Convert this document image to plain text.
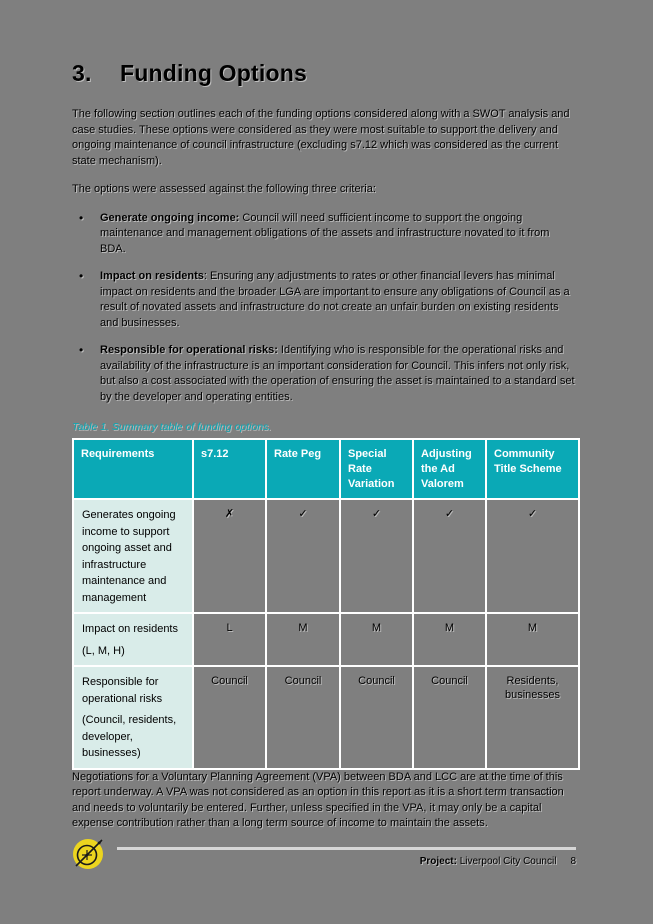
3. Funding Options

The following section outlines each of the funding options considered along with a SWOT analysis and case studies. These options were considered as they were most suitable to support the delivery and ongoing maintenance of council infrastructure (excluding s7.12 which was considered as the current state mechanism).

The options were assessed against the following three criteria:

Generate ongoing income: Council will need sufficient income to support the ongoing maintenance and management obligations of the assets and infrastructure novated to it from BDA.
Impact on residents: Ensuring any adjustments to rates or other financial levers has minimal impact on residents and the broader LGA are important to ensure any obligations of Council as a result of novated assets and infrastructure do not create an unfair burden on existing residents and businesses.
Responsible for operational risks: Identifying who is responsible for the operational risks and availability of the infrastructure is an important consideration for Council. This infers not only risk, but also a cost associated with the operation of ensuring the asset is maintained to a standard set by the developer and operating entities.
Table 1. Summary table of funding options.
Requirements	s7.12	Rate Peg	Special Rate Variation	Adjusting the Ad Valorem	Community Title Scheme
Generates ongoing income to support ongoing asset and infrastructure maintenance and management	✗	✓	✓	✓	✓
Impact on residents
(L, M, H)	L	M	M	M	M
Responsible for operational risks
(Council, residents, developer, businesses)	Council	Council	Council	Council	Residents, businesses

Negotiations for a Voluntary Planning Agreement (VPA) between BDA and LCC are at the time of this report underway. A VPA was not considered as an option in this report as it is a short term transaction and needs to voluntarily be entered. Further, unless specified in the VPA, it may only be a capital expense contribution rather than a long term source of income to maintain the assets.

Project: Liverpool City Council 8
